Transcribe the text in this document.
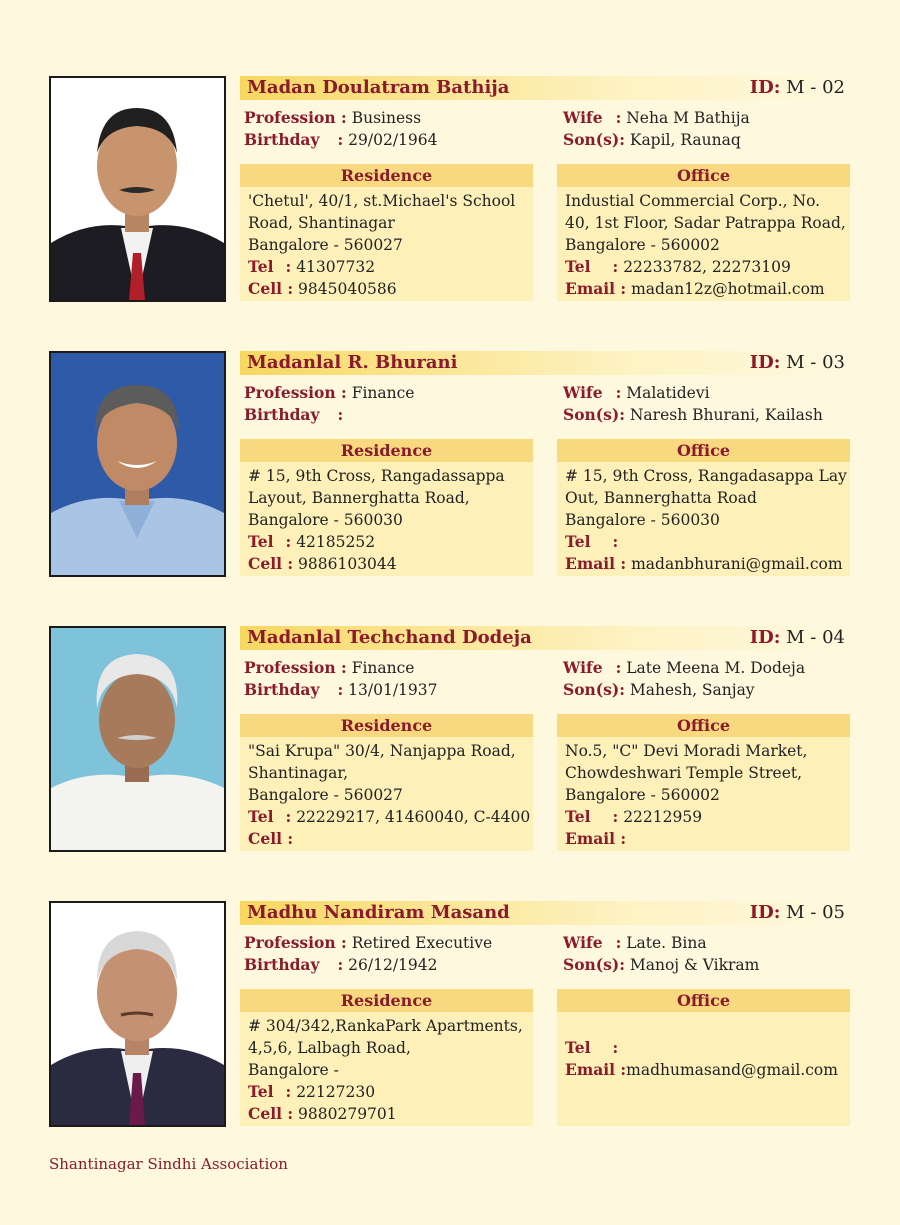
Madan Doulatram Bathija	ID: M - 02
Profession : Business
Birthday : 29/02/1964
Wife : Neha M Bathija
Son(s): Kapil, Raunaq
Residence
'Chetul', 40/1, st.Michael's School
Road, Shantinagar
Bangalore - 560027
Tel : 41307732
Cell : 9845040586
Office
Industial Commercial Corp., No.
40, 1st Floor, Sadar Patrappa Road,
Bangalore - 560002
Tel : 22233782, 22273109
Email : madan12z@hotmail.com
Madanlal R. Bhurani	ID: M - 03
Profession : Finance
Birthday :
Wife : Malatidevi
Son(s): Naresh Bhurani, Kailash
Residence
# 15, 9th Cross, Rangadassappa
Layout, Bannerghatta Road,
Bangalore - 560030
Tel : 42185252
Cell : 9886103044
Office
# 15, 9th Cross, Rangadasappa Lay
Out, Bannerghatta Road
Bangalore - 560030
Tel :
Email : madanbhurani@gmail.com
Madanlal Techchand Dodeja	ID: M - 04
Profession : Finance
Birthday : 13/01/1937
Wife : Late Meena M. Dodeja
Son(s): Mahesh, Sanjay
Residence
"Sai Krupa" 30/4, Nanjappa Road,
Shantinagar,
Bangalore - 560027
Tel : 22229217, 41460040, C-4400
Cell :
Office
No.5, "C" Devi Moradi Market,
Chowdeshwari Temple Street,
Bangalore - 560002
Tel : 22212959
Email :
Madhu Nandiram Masand	ID: M - 05
Profession : Retired Executive
Birthday : 26/12/1942
Wife : Late. Bina
Son(s): Manoj & Vikram
Residence
# 304/342,RankaPark Apartments,
4,5,6, Lalbagh Road,
Bangalore -
Tel : 22127230
Cell : 9880279701
Office
Tel :
Email :madhumasand@gmail.com
Shantinagar Sindhi Association
